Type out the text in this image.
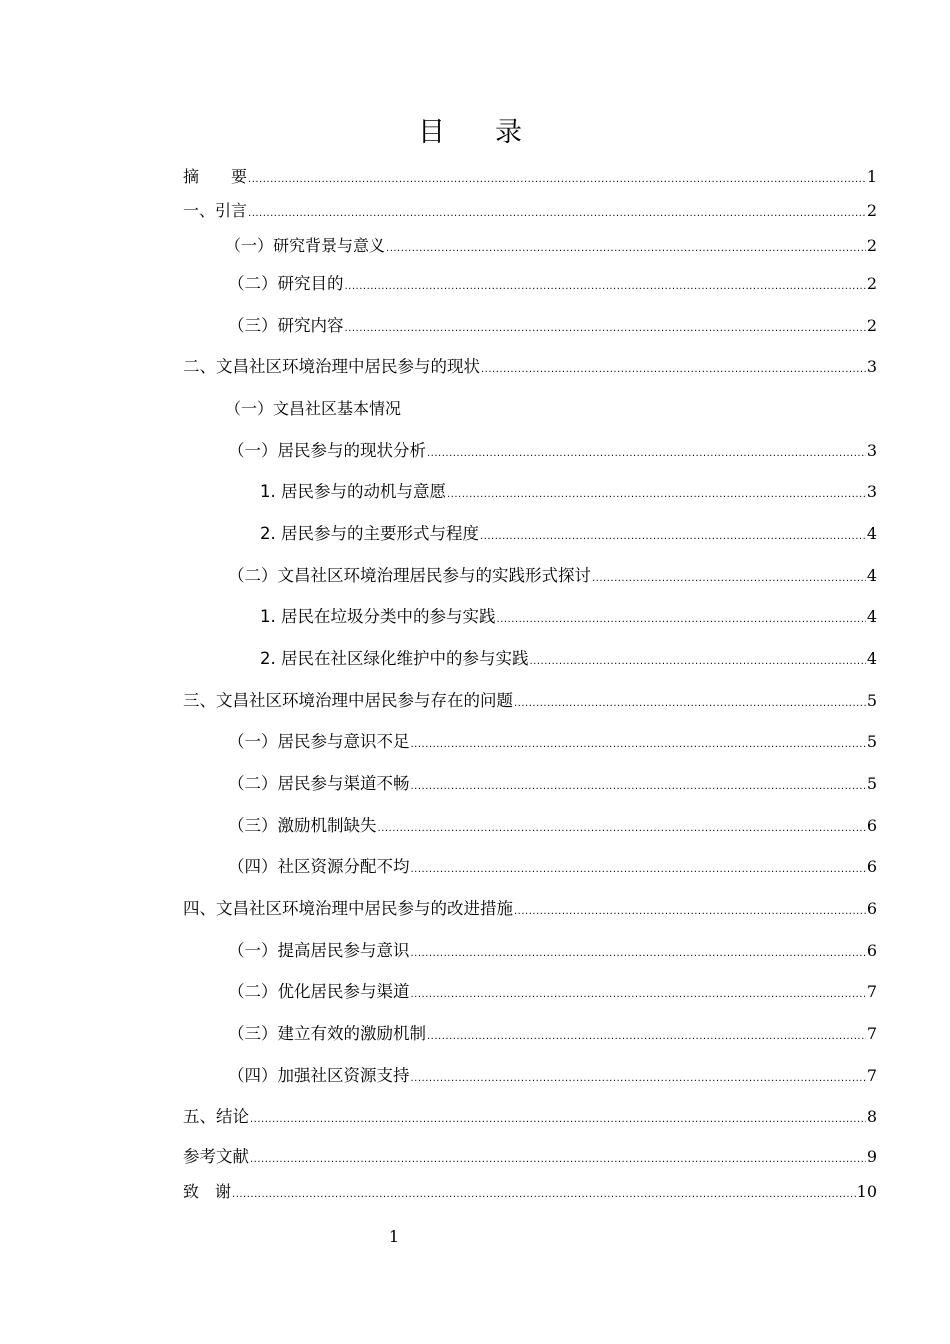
目录
摘　　要 .....	1
一、引言 .....	2
（一）研究背景与意义 .....	2
（二）研究目的 .....	2
（三）研究内容 .....	2
二、文昌社区环境治理中居民参与的现状 .....	3
（一）文昌社区基本情况
（一）居民参与的现状分析 .....	3
1. 居民参与的动机与意愿 .....	3
2. 居民参与的主要形式与程度 .....	4
（二）文昌社区环境治理居民参与的实践形式探讨 .....	4
1. 居民在垃圾分类中的参与实践 .....	4
2. 居民在社区绿化维护中的参与实践 .....	4
三、文昌社区环境治理中居民参与存在的问题 .....	5
（一）居民参与意识不足 .....	5
（二）居民参与渠道不畅 .....	5
（三）激励机制缺失 .....	6
（四）社区资源分配不均 .....	6
四、文昌社区环境治理中居民参与的改进措施 .....	6
（一）提高居民参与意识 .....	6
（二）优化居民参与渠道 .....	7
（三）建立有效的激励机制 .....	7
（四）加强社区资源支持 .....	7
五、结论 .....	8
参考文献 .....	9
致　谢 .....	10
1
